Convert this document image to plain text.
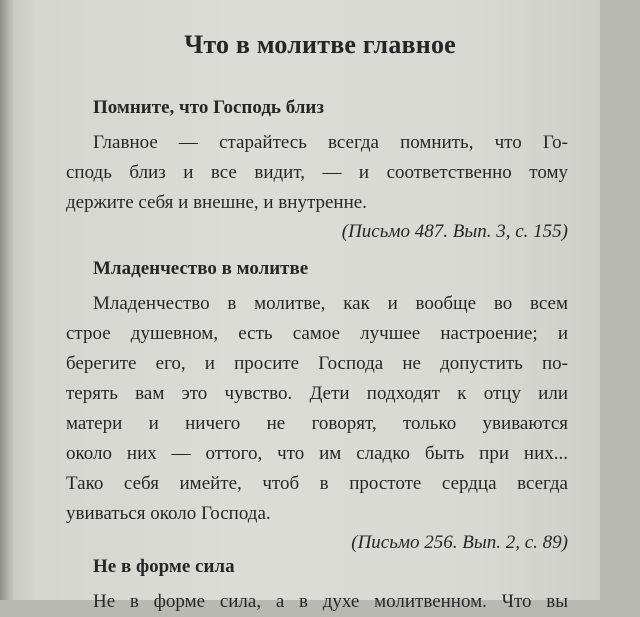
Что в молитве главное
Помните, что Господь близ
Главное — старайтесь всегда помнить, что Го-
сподь близ и все видит, — и соответственно тому
держите себя и внешне, и внутренне.
(Письмо 487. Вып. 3, с. 155)
Младенчество в молитве
Младенчество в молитве, как и вообще во всем
строе душевном, есть самое лучшее настроение; и
берегите его, и просите Господа не допустить по-
терять вам это чувство. Дети подходят к отцу или
матери и ничего не говорят, только увиваются
около них — оттого, что им сладко быть при них...
Тако себя имейте, чтоб в простоте сердца всегда
увиваться около Господа.
(Письмо 256. Вып. 2, с. 89)
Не в форме сила
Не в форме сила, а в духе молитвенном. Что вы
